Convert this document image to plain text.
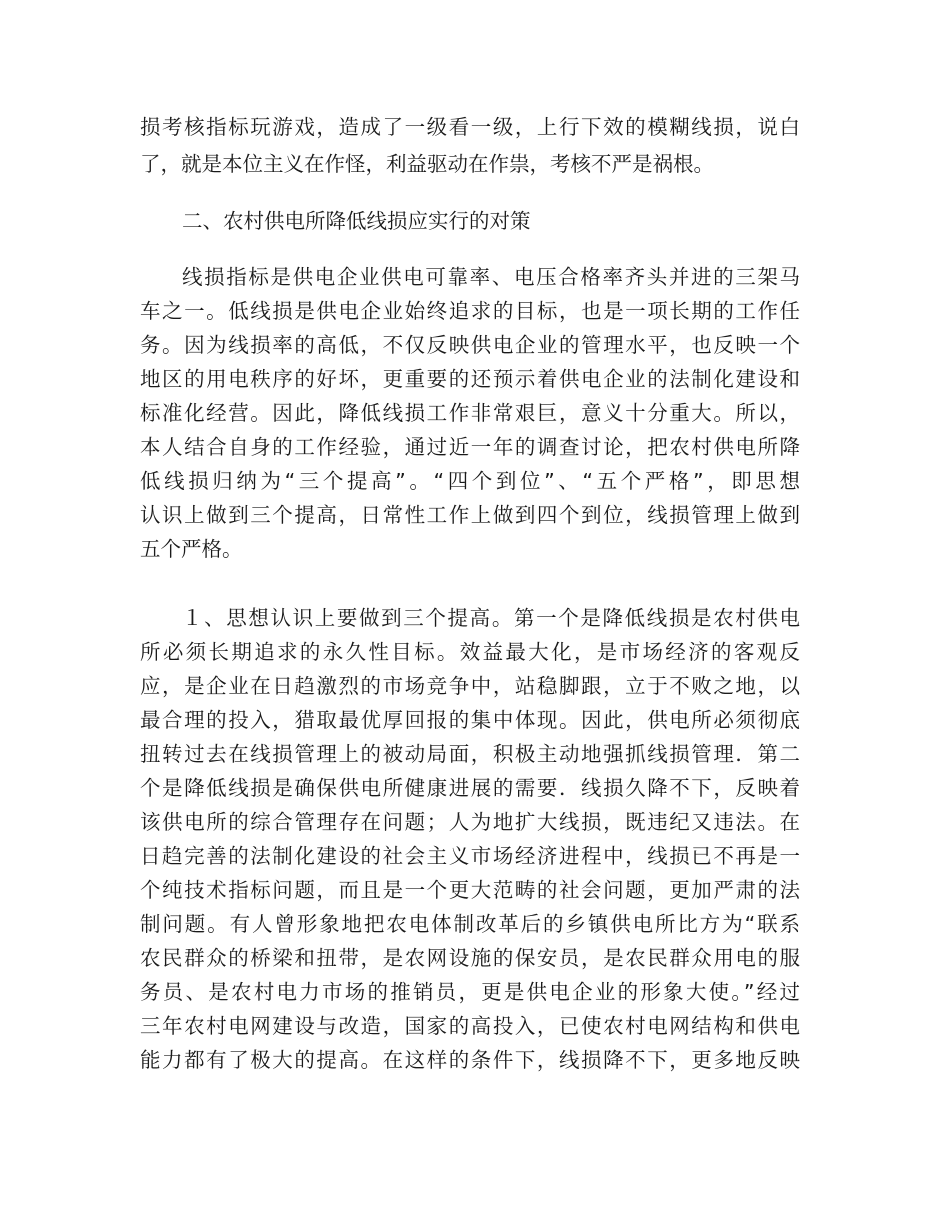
损考核指标玩游戏，造成了一级看一级，上行下效的模糊线损，说白
了，就是本位主义在作怪，利益驱动在作祟，考核不严是祸根。
二、农村供电所降低线损应实行的对策
线损指标是供电企业供电可靠率、电压合格率齐头并进的三架马
车之一。低线损是供电企业始终追求的目标，也是一项长期的工作任
务。因为线损率的高低，不仅反映供电企业的管理水平，也反映一个
地区的用电秩序的好坏，更重要的还预示着供电企业的法制化建设和
标准化经营。因此，降低线损工作非常艰巨，意义十分重大。所以，
本人结合自身的工作经验，通过近一年的调查讨论，把农村供电所降
低线损归纳为“三个提高”。“四个到位”、“五个严格”，即思想
认识上做到三个提高，日常性工作上做到四个到位，线损管理上做到
五个严格。
１、思想认识上要做到三个提高。第一个是降低线损是农村供电
所必须长期追求的永久性目标。效益最大化，是市场经济的客观反
应，是企业在日趋激烈的市场竞争中，站稳脚跟，立于不败之地，以
最合理的投入，猎取最优厚回报的集中体现。因此，供电所必须彻底
扭转过去在线损管理上的被动局面，积极主动地强抓线损管理．第二
个是降低线损是确保供电所健康进展的需要．线损久降不下，反映着
该供电所的综合管理存在问题；人为地扩大线损，既违纪又违法。在
日趋完善的法制化建设的社会主义市场经济进程中，线损已不再是一
个纯技术指标问题，而且是一个更大范畴的社会问题，更加严肃的法
制问题。有人曾形象地把农电体制改革后的乡镇供电所比方为“联系
农民群众的桥梁和扭带，是农网设施的保安员，是农民群众用电的服
务员、是农村电力市场的推销员，更是供电企业的形象大使。”经过
三年农村电网建设与改造，国家的高投入，已使农村电网结构和供电
能力都有了极大的提高。在这样的条件下，线损降不下，更多地反映
